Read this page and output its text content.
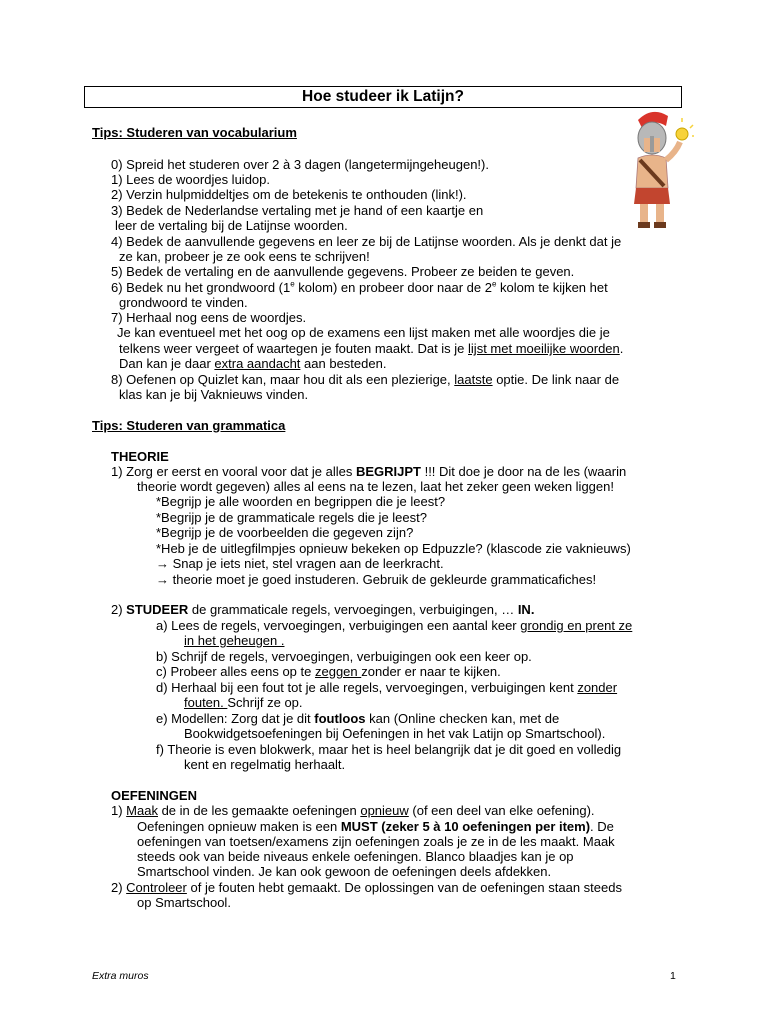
Hoe studeer ik Latijn?
Tips: Studeren van vocabularium
0) Spreid het studeren over 2 à 3 dagen (langetermijngeheugen!).
1) Lees de woordjes luidop.
2) Verzin hulpmiddeltjes om de betekenis te onthouden (link!).
3) Bedek de Nederlandse vertaling met je hand of een kaartje en
leer de vertaling bij de Latijnse woorden.
4) Bedek de aanvullende gegevens en leer ze bij de Latijnse woorden. Als je denkt dat je
ze kan, probeer je ze ook eens te schrijven!
5) Bedek de vertaling en de aanvullende gegevens. Probeer ze beiden te geven.
6) Bedek nu het grondwoord (1e kolom) en probeer door naar de 2e kolom te kijken het
grondwoord te vinden.
7) Herhaal nog eens de woordjes.
Je kan eventueel met het oog op de examens een lijst maken met alle woordjes die je
telkens weer vergeet of waartegen je fouten maakt. Dat is je lijst met moeilijke woorden.
Dan kan je daar extra aandacht aan besteden.
8) Oefenen op Quizlet kan, maar hou dit als een plezierige, laatste optie. De link naar de
klas kan je bij Vaknieuws vinden.
Tips: Studeren van grammatica
THEORIE
1) Zorg er eerst en vooral voor dat je alles BEGRIJPT !!! Dit doe je door na de les (waarin
theorie wordt gegeven) alles al eens na te lezen, laat het zeker geen weken liggen!
*Begrijp je alle woorden en begrippen die je leest?
*Begrijp je de grammaticale regels die je leest?
*Begrijp je de voorbeelden die gegeven zijn?
*Heb je de uitlegfilmpjes opnieuw bekeken op Edpuzzle? (klascode zie vaknieuws)
→ Snap je iets niet, stel vragen aan de leerkracht.
→ theorie moet je goed instuderen. Gebruik de gekleurde grammaticafiches!
2) STUDEER de grammaticale regels, vervoegingen, verbuigingen, … IN.
a) Lees de regels, vervoegingen, verbuigingen een aantal keer grondig en prent ze
in het geheugen .
b) Schrijf de regels, vervoegingen, verbuigingen ook een keer op.
c) Probeer alles eens op te zeggen zonder er naar te kijken.
d) Herhaal bij een fout tot je alle regels, vervoegingen, verbuigingen kent zonder
fouten. Schrijf ze op.
e) Modellen: Zorg dat je dit foutloos kan (Online checken kan, met de
Bookwidgetsoefeningen bij Oefeningen in het vak Latijn op Smartschool).
f) Theorie is even blokwerk, maar het is heel belangrijk dat je dit goed en volledig
kent en regelmatig herhaalt.
OEFENINGEN
1) Maak de in de les gemaakte oefeningen opnieuw (of een deel van elke oefening).
Oefeningen opnieuw maken is een MUST (zeker 5 à 10 oefeningen per item). De
oefeningen van toetsen/examens zijn oefeningen zoals je ze in de les maakt. Maak
steeds ook van beide niveaus enkele oefeningen. Blanco blaadjes kan je op
Smartschool vinden. Je kan ook gewoon de oefeningen deels afdekken.
2) Controleer of je fouten hebt gemaakt. De oplossingen van de oefeningen staan steeds
op Smartschool.
Extra muros	1
